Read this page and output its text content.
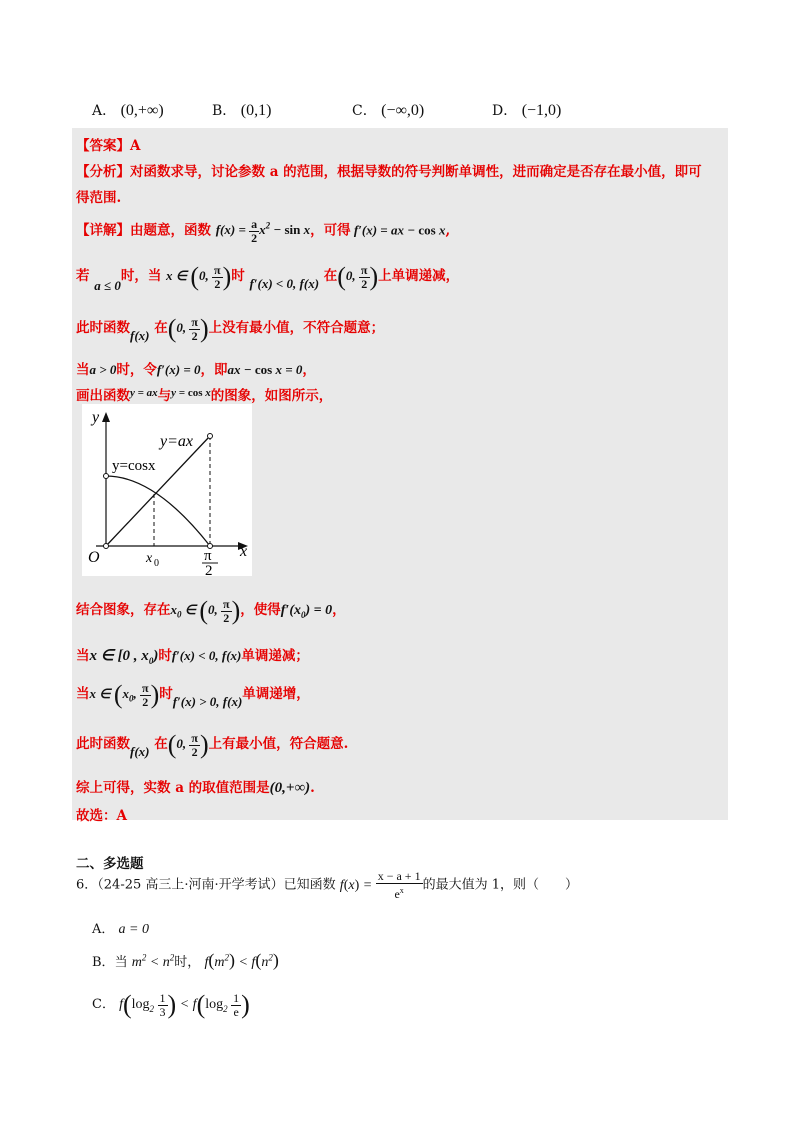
A． (0,+∞)	B． (0,1)	C． (−∞,0)	D． (−1,0)
【答案】A
【分析】对函数求导，讨论参数 a 的范围，根据导数的符号判断单调性，进而确定是否存在最小值，即可
得范围.
【详解】由题意，函数 $f(x) = \frac{a}{2} x^2 - \sin x$，可得 f′(x) = ax − cos x,
若 a ≤ 0时，当 x ∈ (0, $\frac{\pi}{2}$ )时 f′(x) < 0, f(x) 在(0, $\frac{\pi}{2}$ )上单调递减，
此时函数f(x) 在(0, $\frac{\pi}{2}$ )上没有最小值，不符合题意；
当a > 0时，令f′(x) = 0，即ax − cos x = 0，
画出函数$^{y = ax}$与$^{y = cos x}$的图象，如图所示，
y
x
O
y=ax
y=cosx
x 0	π
2
结合图象，存在$x_0$ ∈ (0, $\frac{\pi}{2}$ )，使得$f'(x_0) = 0$，
当x ∈ [0 , $x_0$)时f′(x) < 0, f(x)单调递减；
当x ∈ ($x_0$, $\frac{\pi}{2}$ )时f′(x) > 0, f(x)单调递增，
此时函数f(x) 在(0, $\frac{\pi}{2}$ )上有最小值，符合题意.
综上可得，实数 a 的取值范围是(0,+∞).
故选：A
二、多选题
6．（24-25 高三上·河南·开学考试）已知函数 $f(x) = \frac{x - a + 1}{e^x}$ 的最大值为 1，则（　　）
A． a = 0
B．当 $m^2 < n^2$时， $f(m^2) < f(n^2)$
C． $f(\log_2 \frac{1}{3}$ ) < $f(\log_2 \frac{1}{e}$ )
